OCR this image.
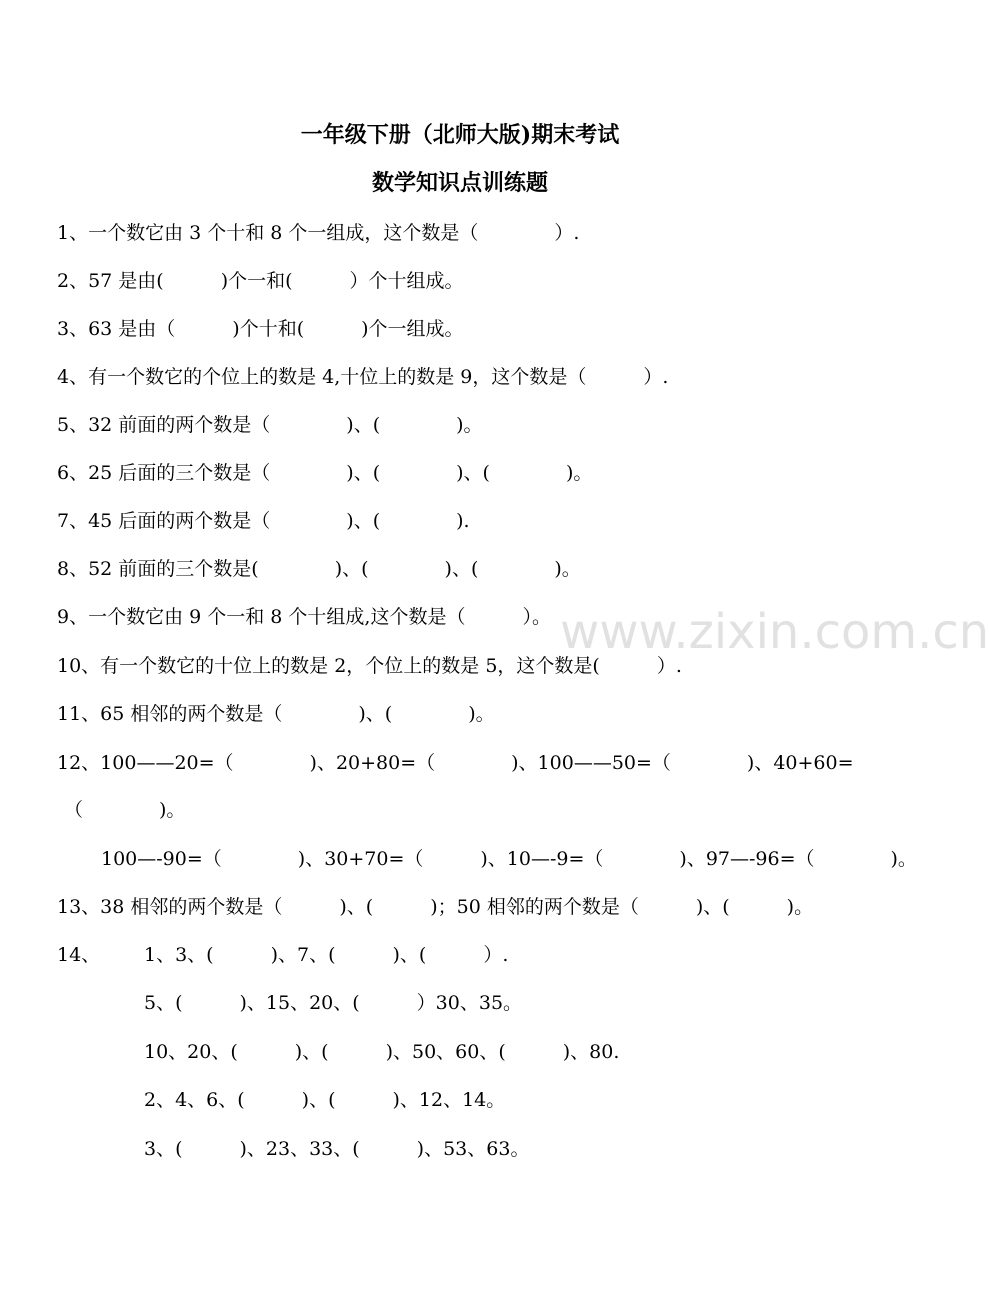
一年级下册（北师大版)期末考试
数学知识点训练题
1、一个数它由 3 个十和 8 个一组成，这个数是（　　　　）.
2、57 是由(　　　)个一和(　　　）个十组成。
3、63 是由（　　　)个十和(　　　)个一组成。
4、有一个数它的个位上的数是 4,十位上的数是 9，这个数是（　　　）.
5、32 前面的两个数是（　　　　)、(　　　　)。
6、25 后面的三个数是（　　　　)、(　　　　)、(　　　　)。
7、45 后面的两个数是（　　　　)、(　　　　).
8、52 前面的三个数是(　　　　)、(　　　　)、(　　　　)。
9、一个数它由 9 个一和 8 个十组成,这个数是（　　　）。
10、有一个数它的十位上的数是 2，个位上的数是 5，这个数是(　　　）.
11、65 相邻的两个数是（　　　　)、(　　　　)。
12、100——20=（　　　　)、20+80=（　　　　)、100——50=（　　　　)、40+60=
（　　　　)。
100—-90=（　　　　)、30+70=（　　　)、10—-9=（　　　　)、97—-96=（　　　　)。
13、38 相邻的两个数是（　　　)、(　　　)；50 相邻的两个数是（　　　)、(　　　)。
14、 1、3、(　　　)、7、(　　　)、(　　　）.
5、(　　　)、15、20、(　　　）30、35。
10、20、(　　　)、(　　　)、50、60、(　　　)、80.
2、4、6、(　　　)、(　　　)、12、14。
3、(　　　)、23、33、(　　　)、53、63。
www.zixin.com.cn
